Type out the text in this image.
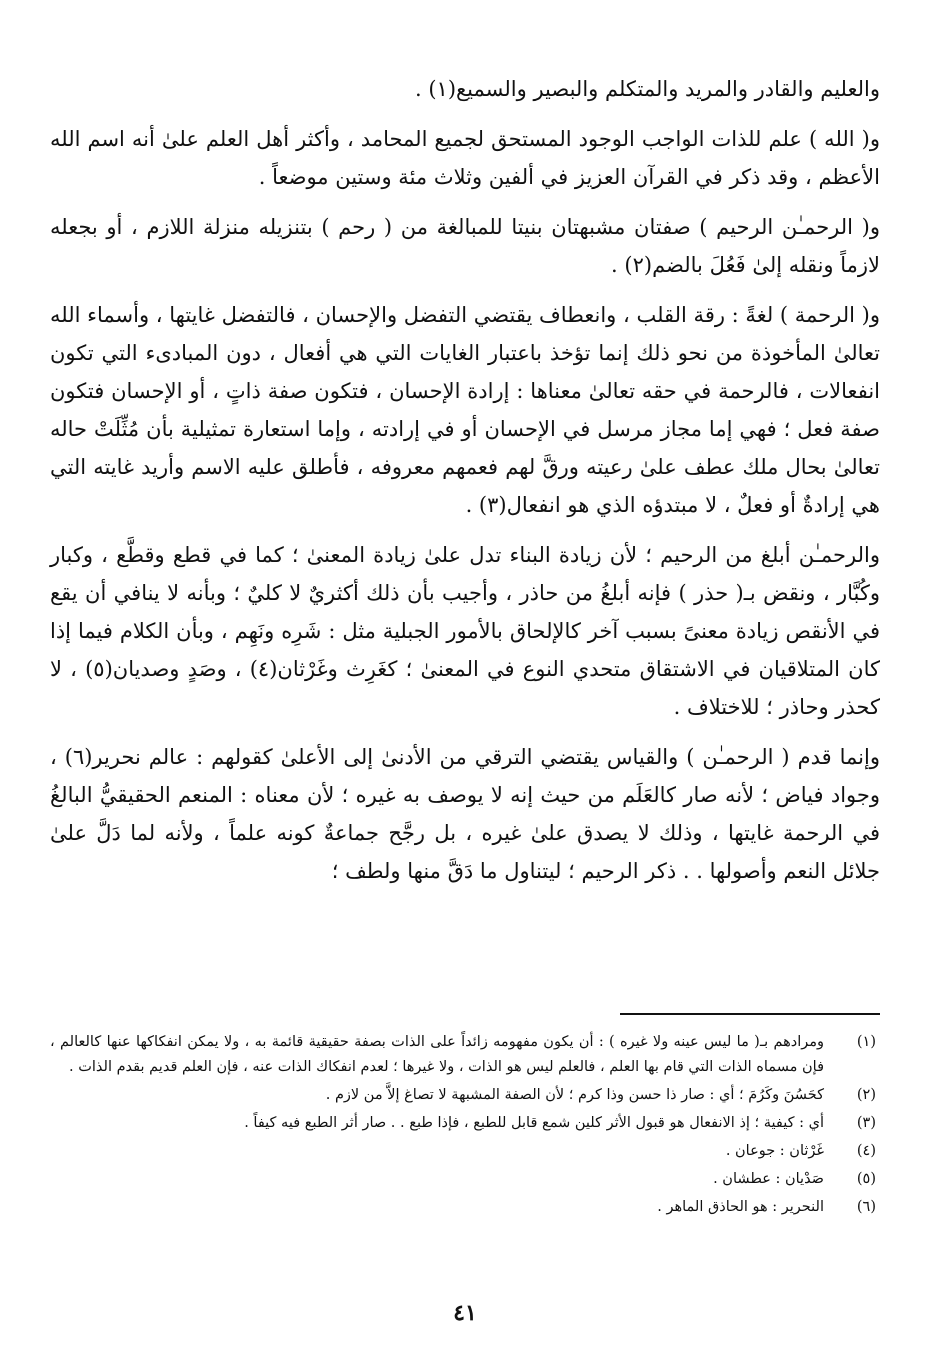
والعليم والقادر والمريد والمتكلم والبصير والسميع(١) .

و( الله ) علم للذات الواجب الوجود المستحق لجميع المحامد ، وأكثر أهل العلم علىٰ أنه اسم الله الأعظم ، وقد ذكر في القرآن العزيز في ألفين وثلاث مئة وستين موضعاً .

و( الرحمـٰن الرحيم ) صفتان مشبهتان بنيتا للمبالغة من ( رحم ) بتنزيله منزلة اللازم ، أو بجعله لازماً ونقله إلىٰ فَعُلَ بالضم(٢) .

و( الرحمة ) لغةً : رقة القلب ، وانعطاف يقتضي التفضل والإحسان ، فالتفضل غايتها ، وأسماء الله تعالىٰ المأخوذة من نحو ذلك إنما تؤخذ باعتبار الغايات التي هي أفعال ، دون المبادىء التي تكون انفعالات ، فالرحمة في حقه تعالىٰ معناها : إرادة الإحسان ، فتكون صفة ذاتٍ ، أو الإحسان فتكون صفة فعل ؛ فهي إما مجاز مرسل في الإحسان أو في إرادته ، وإما استعارة تمثيلية بأن مُثِّلَتْ حاله تعالىٰ بحال ملك عطف علىٰ رعيته ورقَّ لهم فعمهم معروفه ، فأطلق عليه الاسم وأريد غايته التي هي إرادةٌ أو فعلٌ ، لا مبتدؤه الذي هو انفعال(٣) .

والرحمـٰن أبلغ من الرحيم ؛ لأن زيادة البناء تدل علىٰ زيادة المعنىٰ ؛ كما في قطع وقطَّع ، وكبار وكُبَّار ، ونقض بـ( حذر ) فإنه أبلغُ من حاذر ، وأجيب بأن ذلك أكثريٌ لا كليٌ ؛ وبأنه لا ينافي أن يقع في الأنقص زيادة معنىً بسبب آخر كالإلحاق بالأمور الجبلية مثل : شَرِه ونَهِم ، وبأن الكلام فيما إذا كان المتلاقيان في الاشتقاق متحدي النوع في المعنىٰ ؛ كغَرِث وغَرْثان(٤) ، وصَدٍ وصديان(٥) ، لا كحذر وحاذر ؛ للاختلاف .

وإنما قدم ( الرحمـٰن ) والقياس يقتضي الترقي من الأدنىٰ إلى الأعلىٰ كقولهم : عالم نحرير(٦) ، وجواد فياض ؛ لأنه صار كالعَلَم من حيث إنه لا يوصف به غيره ؛ لأن معناه : المنعم الحقيقيُّ البالغُ في الرحمة غايتها ، وذلك لا يصدق علىٰ غيره ، بل رجَّح جماعةٌ كونه علماً ، ولأنه لما دَلَّ علىٰ جلائل النعم وأصولها . . ذكر الرحيم ؛ ليتناول ما دَقَّ منها ولطف ؛

(١)
ومرادهم بـ( ما ليس عينه ولا غيره ) : أن يكون مفهومه زائداً على الذات بصفة حقيقية قائمة به ، ولا يمكن انفكاكها عنها كالعالم ، فإن مسماه الذات التي قام بها العلم ، فالعلم ليس هو الذات ، ولا غيرها ؛ لعدم انفكاك الذات عنه ، فإن العلم قديم بقدم الذات .
(٢)
كحَسُنَ وكَرُمَ ؛ أي : صار ذا حسن وذا كرم ؛ لأن الصفة المشبهة لا تصاغ إلاَّ من لازم .
(٣)
أي : كيفية ؛ إذ الانفعال هو قبول الأثر كلين شمع قابل للطبع ، فإذا طبع . . صار أثر الطبع فيه كيفاً .
(٤)
غَرْثان : جوعان .
(٥)
صَدْيان : عطشان .
(٦)
النحرير : هو الحاذق الماهر .
٤١
